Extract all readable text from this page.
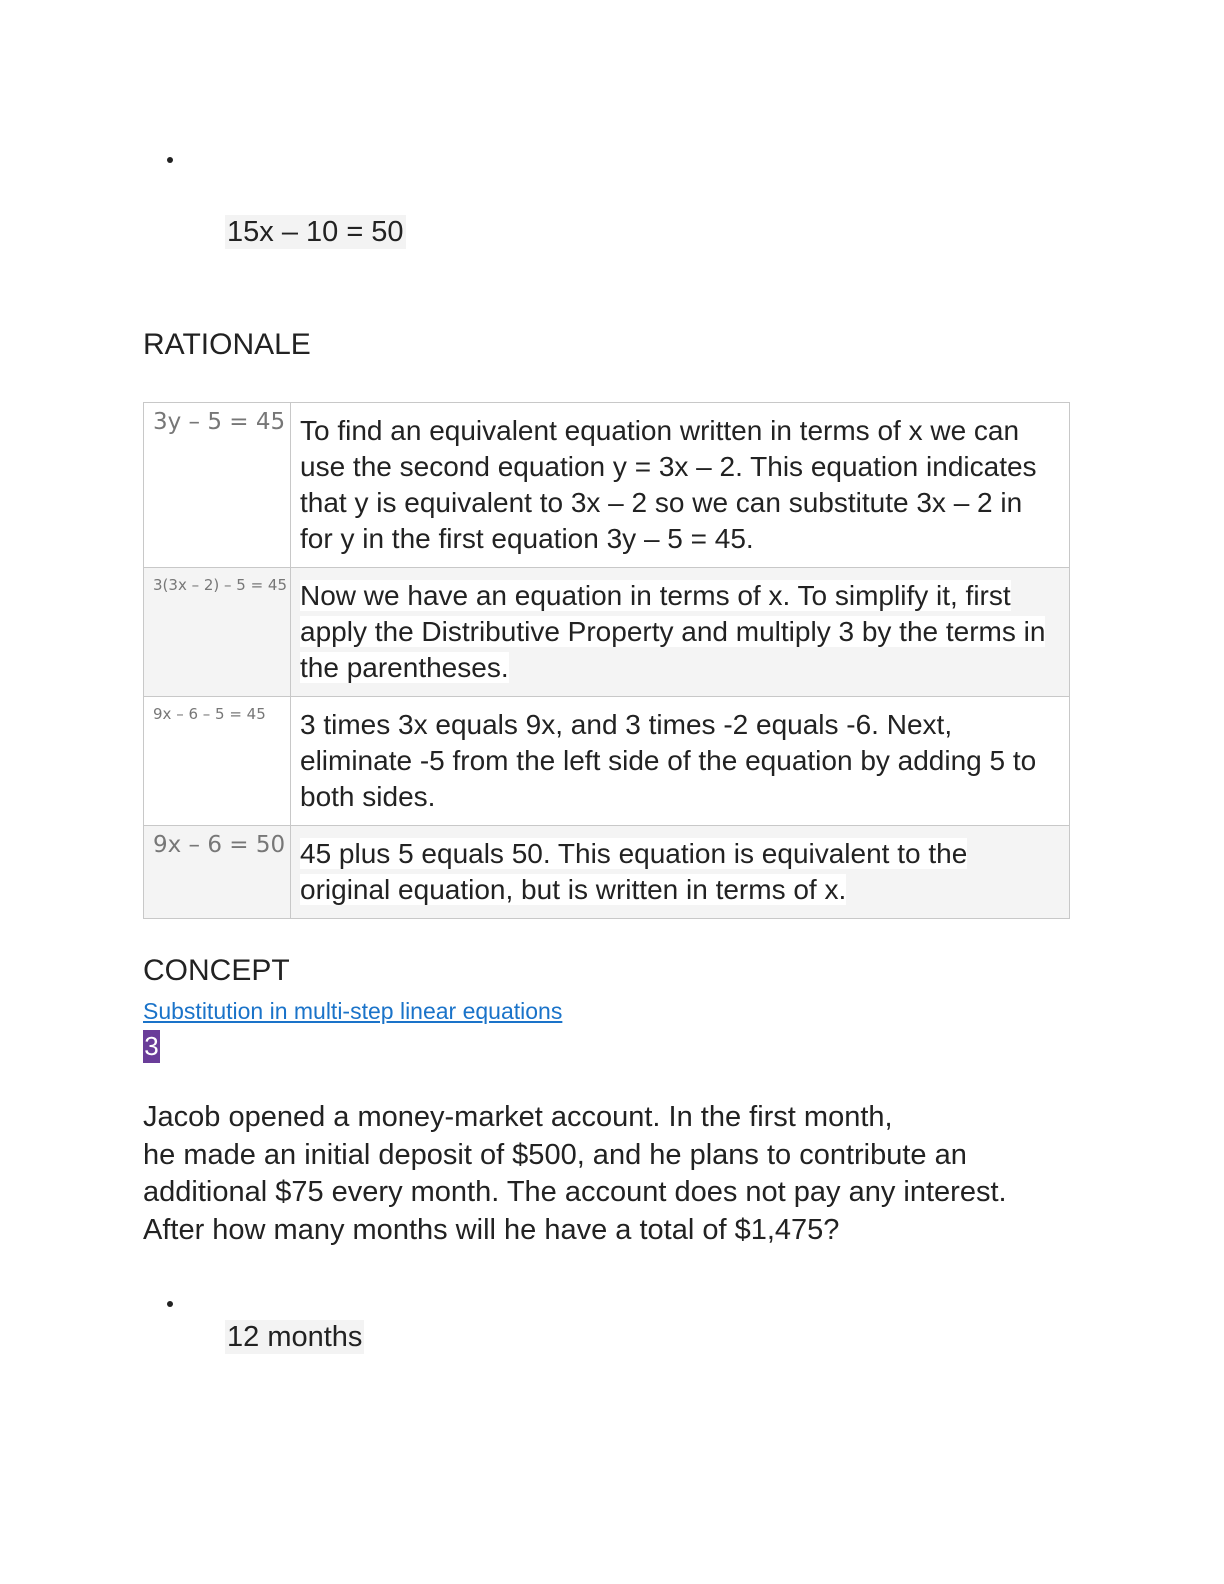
15x – 10 = 50
RATIONALE
3y – 5 = 45	To find an equivalent equation written in terms of x we can use the second equation y = 3x – 2. This equation indicates that y is equivalent to 3x – 2 so we can substitute 3x – 2 in for y in the first equation 3y – 5 = 45.

3(3x – 2) – 5 = 45	Now we have an equation in terms of x. To simplify it, first apply the Distributive Property and multiply 3 by the terms in the parentheses.

9x – 6 – 5 = 45	3 times 3x equals 9x, and 3 times -2 equals -6. Next, eliminate -5 from the left side of the equation by adding 5 to both sides.

9x – 6 = 50	45 plus 5 equals 50. This equation is equivalent to the original equation, but is written in terms of x.
CONCEPT
Substitution in multi-step linear equations
3

Jacob opened a money-market account. In the first month,

he made an initial deposit of $500, and he plans to contribute an additional $75 every month. The account does not pay any interest.

After how many months will he have a total of $1,475?

12 months
